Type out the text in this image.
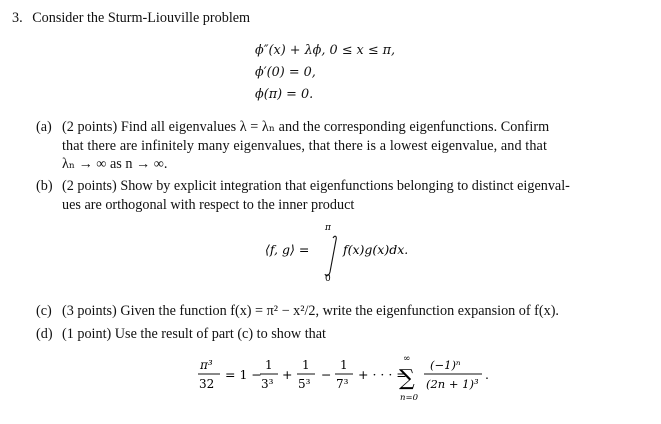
3. Consider the Sturm-Liouville problem
ϕ″(x) + λϕ, 0 ≤ x ≤ π,
ϕ′(0) = 0,
ϕ(π) = 0.
(a) (2 points) Find all eigenvalues λ = λₙ and the corresponding eigenfunctions. Confirm
that there are infinitely many eigenvalues, that there is a lowest eigenvalue, and that
λₙ → ∞ as n → ∞.
(b) (2 points) Show by explicit integration that eigenfunctions belonging to distinct eigenval-
ues are orthogonal with respect to the inner product
⟨f, g⟩ =
π
0
f(x)g(x)dx.
(c) (3 points) Given the function f(x) = π² − x²/2, write the eigenfunction expansion of f(x).
(d) (1 point) Use the result of part (c) to show that
π³
32
= 1 −
1
3³
+
1
5³
−
1
7³
+ · · · =
∞
∑
n=0
(−1)ⁿ
(2n + 1)³
.
